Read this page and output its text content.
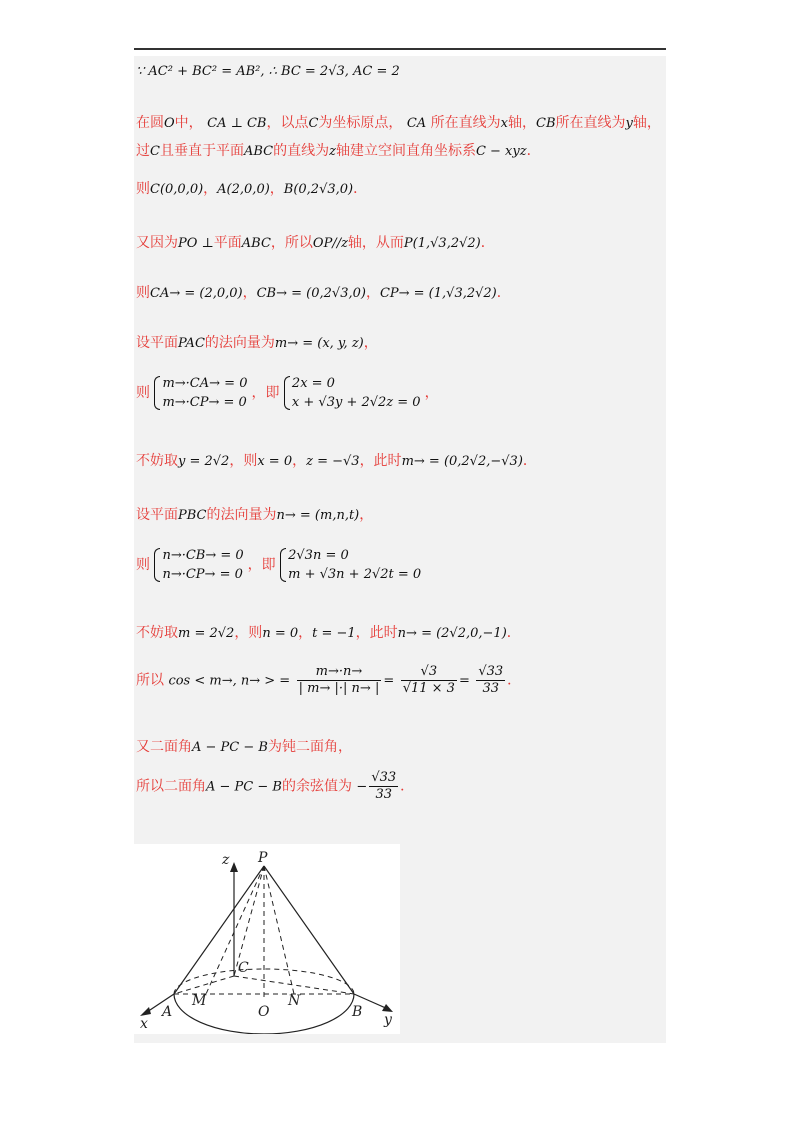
∵ AC² + BC² = AB², ∴ BC = 2√3, AC = 2
在圆O中， CA ⊥ CB，以点C为坐标原点， CA 所在直线为x轴，CB所在直线为y轴，
过C且垂直于平面ABC的直线为z轴建立空间直角坐标系C − xyz．
则C(0,0,0)，A(2,0,0)，B(0,2√3,0)．
又因为PO ⊥平面ABC，所以OP//z轴，从而P(1,√3,2√2)．
则CA→ = (2,0,0)，CB→ = (0,2√3,0)，CP→ = (1,√3,2√2)．
设平面PAC的法向量为m→ = (x, y, z)，
则
m→·CA→ = 0
m→·CP→ = 0
，即
2x = 0
x + √3y + 2√2z = 0
，
不妨取y = 2√2，则x = 0，z = −√3，此时m→ = (0,2√2,−√3)．
设平面PBC的法向量为n→ = (m,n,t)，
则
n→·CB→ = 0
n→·CP→ = 0
，即
2√3n = 0
m + √3n + 2√2t = 0
不妨取m = 2√2，则n = 0，t = −1，此时n→ = (2√2,0,−1)．
所以 cos < m→, n→ > = $\frac{m\to\cdot n\to}{| m\to |\cdot| n\to |} = \frac{√3}{√11 \times 3} = \frac{√33}{33}$ ．
又二面角A − PC − B为钝二面角，
所以二面角A − PC − B的余弦值为 − $\frac{√33}{33}$ ．
P
z
C
M	N
A	O	B
x	y
